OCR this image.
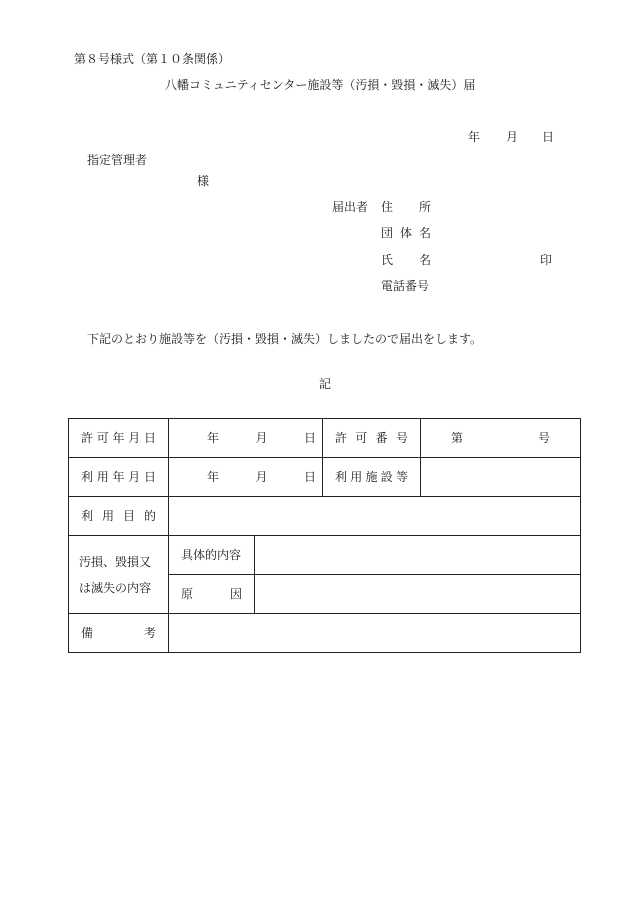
第８号様式（第１０条関係）
八幡コミュニティセンター施設等（汚損・毀損・滅失）届
年 月 日
指定管理者
様
届出者 住 所
団 体 名
氏 名	印
電話番号
下記のとおり施設等を（汚損・毀損・滅失）しましたので届出をします。
記
許 可 年 月 日	年 月 日		許 可 番 号	第 号

利 用 年 月 日	年 月 日		利 用 施 設 等	

利 用 目 的				

汚損、毀損又
は滅失の内容	具体的内容			

	原 因			

備 考				
